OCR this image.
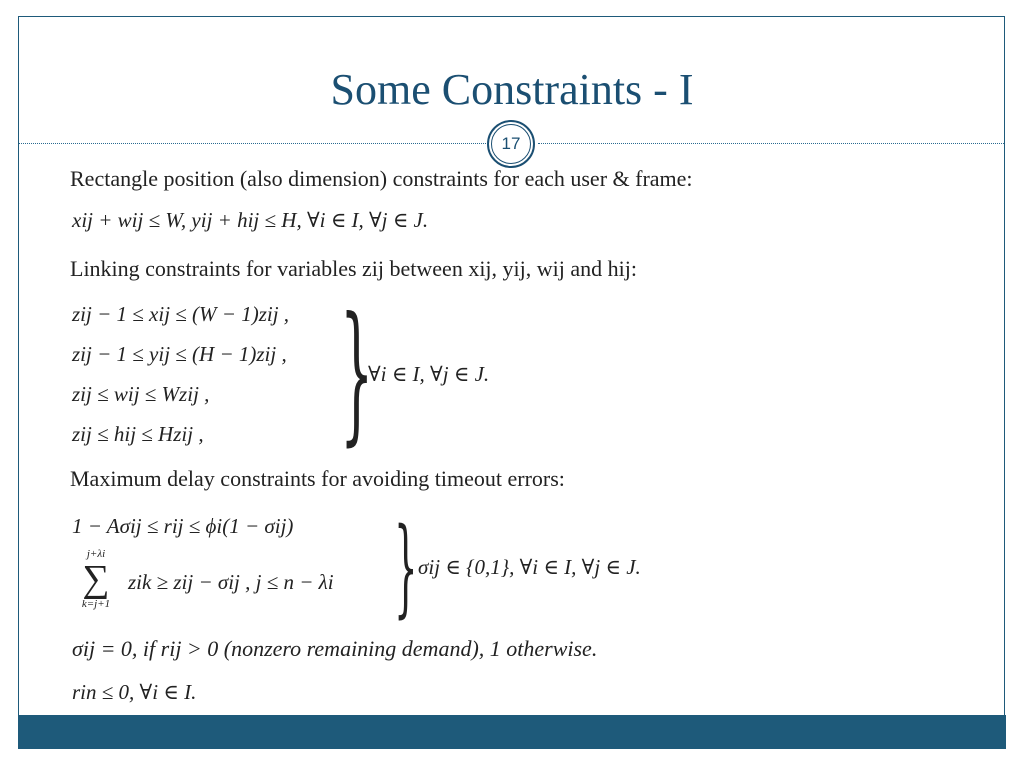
Some Constraints - I
17
Rectangle position (also dimension) constraints for each user & frame:
xij + wij ≤ W, yij + hij ≤ H, ∀i ∈ I, ∀j ∈ J.
Linking constraints for variables zij between xij, yij, wij and hij:
zij − 1 ≤ xij ≤ (W − 1)zij ,
zij − 1 ≤ yij ≤ (H − 1)zij ,
zij ≤ wij ≤ Wzij ,
zij ≤ hij ≤ Hzij , }
∀i ∈ I, ∀j ∈ J.
Maximum delay constraints for avoiding timeout errors:
1 − Aσij ≤ rij ≤ ϕi(1 − σij)
j+λi
∑
k=j+1
zik ≥ zij − σij , j ≤ n − λi } σij ∈ {0,1}, ∀i ∈ I, ∀j ∈ J.
σij = 0, if rij > 0 (nonzero remaining demand), 1 otherwise.
rin ≤ 0, ∀i ∈ I.
